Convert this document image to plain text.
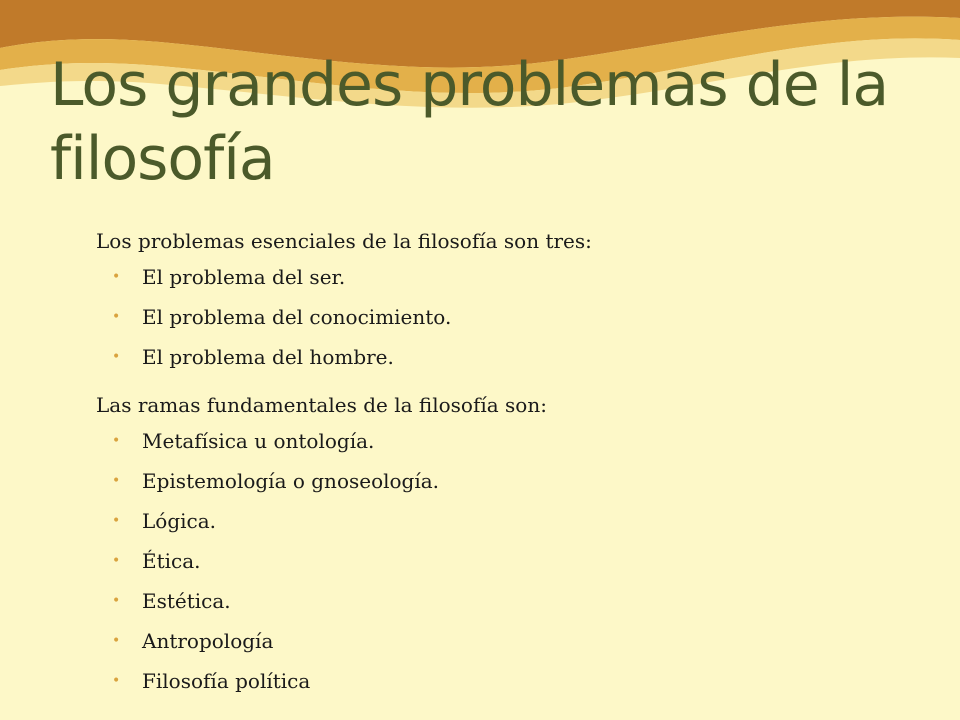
Los grandes problemas de la filosofía

Los problemas esenciales de la filosofía son tres:

• El problema del ser.
• El problema del conocimiento.
• El problema del hombre.

Las ramas fundamentales de la filosofía son:

• Metafísica u ontología.
• Epistemología o gnoseología.
• Lógica.
• Ética.
• Estética.
• Antropología
• Filosofía política
